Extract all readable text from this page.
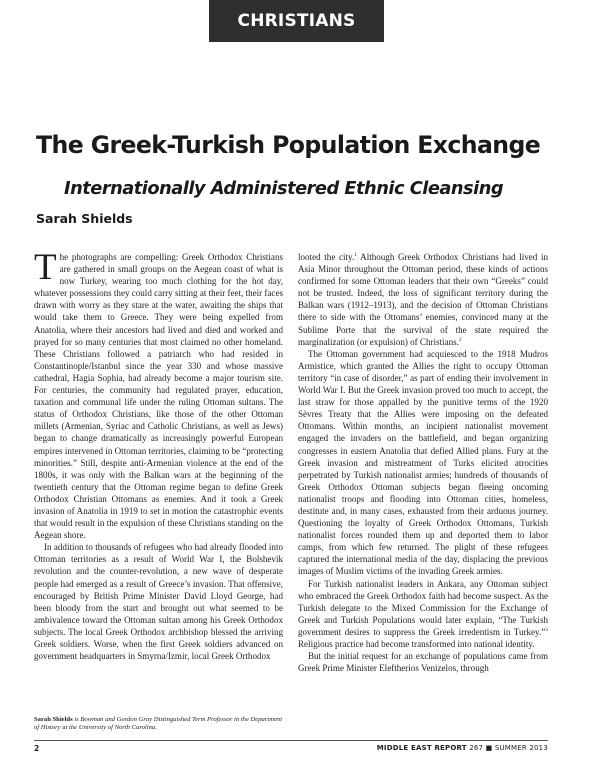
CHRISTIANS
The Greek-Turkish Population Exchange
Internationally Administered Ethnic Cleansing
Sarah Shields

The photographs are compelling: Greek Orthodox Christians are gathered in small groups on the Aegean coast of what is now Turkey, wearing too much clothing for the hot day, whatever possessions they could carry sitting at their feet, their faces drawn with worry as they stare at the water, awaiting the ships that would take them to Greece. They were being expelled from Anatolia, where their ancestors had lived and died and worked and prayed for so many centuries that most claimed no other homeland. These Christians followed a patriarch who had resided in Constantinople/Istanbul since the year 330 and whose massive cathedral, Hagia Sophia, had already become a major tourism site. For centuries, the community had regulated prayer, education, taxation and communal life under the ruling Ottoman sultans. The status of Orthodox Christians, like those of the other Ottoman millets (Armenian, Syriac and Catholic Christians, as well as Jews) began to change dramatically as increasingly powerful European empires intervened in Ottoman territories, claiming to be “protecting minorities.” Still, despite anti-Armenian violence at the end of the 1800s, it was only with the Balkan wars at the beginning of the twentieth century that the Ottoman regime began to define Greek Orthodox Christian Ottomans as enemies. And it took a Greek invasion of Anatolia in 1919 to set in motion the catastrophic events that would result in the expulsion of these Christians standing on the Aegean shore.

In addition to thousands of refugees who had already flooded into Ottoman territories as a result of World War I, the Bolshevik revolution and the counter-revolution, a new wave of desperate people had emerged as a result of Greece’s invasion. That offensive, encouraged by British Prime Minister David Lloyd George, had been bloody from the start and brought out what seemed to be ambivalence toward the Ottoman sultan among his Greek Orthodox subjects. The local Greek Orthodox archbishop blessed the arriving Greek soldiers. Worse, when the first Greek soldiers advanced on government headquarters in Smyrna/Izmir, local Greek Orthodox

looted the city.$^1$ Although Greek Orthodox Christians had lived in Asia Minor throughout the Ottoman period, these kinds of actions confirmed for some Ottoman leaders that their own “Greeks” could not be trusted. Indeed, the loss of significant territory during the Balkan wars (1912–1913), and the decision of Ottoman Christians there to side with the Ottomans’ enemies, convinced many at the Sublime Porte that the survival of the state required the marginalization (or expulsion) of Christians.$^2$

The Ottoman government had acquiesced to the 1918 Mudros Armistice, which granted the Allies the right to occupy Ottoman territory “in case of disorder,” as part of ending their involvement in World War I. But the Greek invasion proved too much to accept, the last straw for those appalled by the punitive terms of the 1920 Sèvres Treaty that the Allies were imposing on the defeated Ottomans. Within months, an incipient nationalist movement engaged the invaders on the battlefield, and began organizing congresses in eastern Anatolia that defied Allied plans. Fury at the Greek invasion and mistreatment of Turks elicited atrocities perpetrated by Turkish nationalist armies; hundreds of thousands of Greek Orthodox Ottoman subjects began fleeing oncoming nationalist troops and flooding into Ottoman cities, homeless, destitute and, in many cases, exhausted from their arduous journey. Questioning the loyalty of Greek Orthodox Ottomans, Turkish nationalist forces rounded them up and deported them to labor camps, from which few returned. The plight of these refugees captured the international media of the day, displacing the previous images of Muslim victims of the invading Greek armies.

For Turkish nationalist leaders in Ankara, any Ottoman subject who embraced the Greek Orthodox faith had become suspect. As the Turkish delegate to the Mixed Commission for the Exchange of Greek and Turkish Populations would later explain, “The Turkish government desires to suppress the Greek irredentism in Turkey.”$^3$ Religious practice had become transformed into national identity.

But the initial request for an exchange of populations came from Greek Prime Minister Eleftherios Venizelos, through

Sarah Shields is Bowman and Gordon Gray Distinguished Term Professor in the Department of History at the University of North Carolina.
2	MIDDLE EAST REPORT 267 ■ SUMMER 2013
